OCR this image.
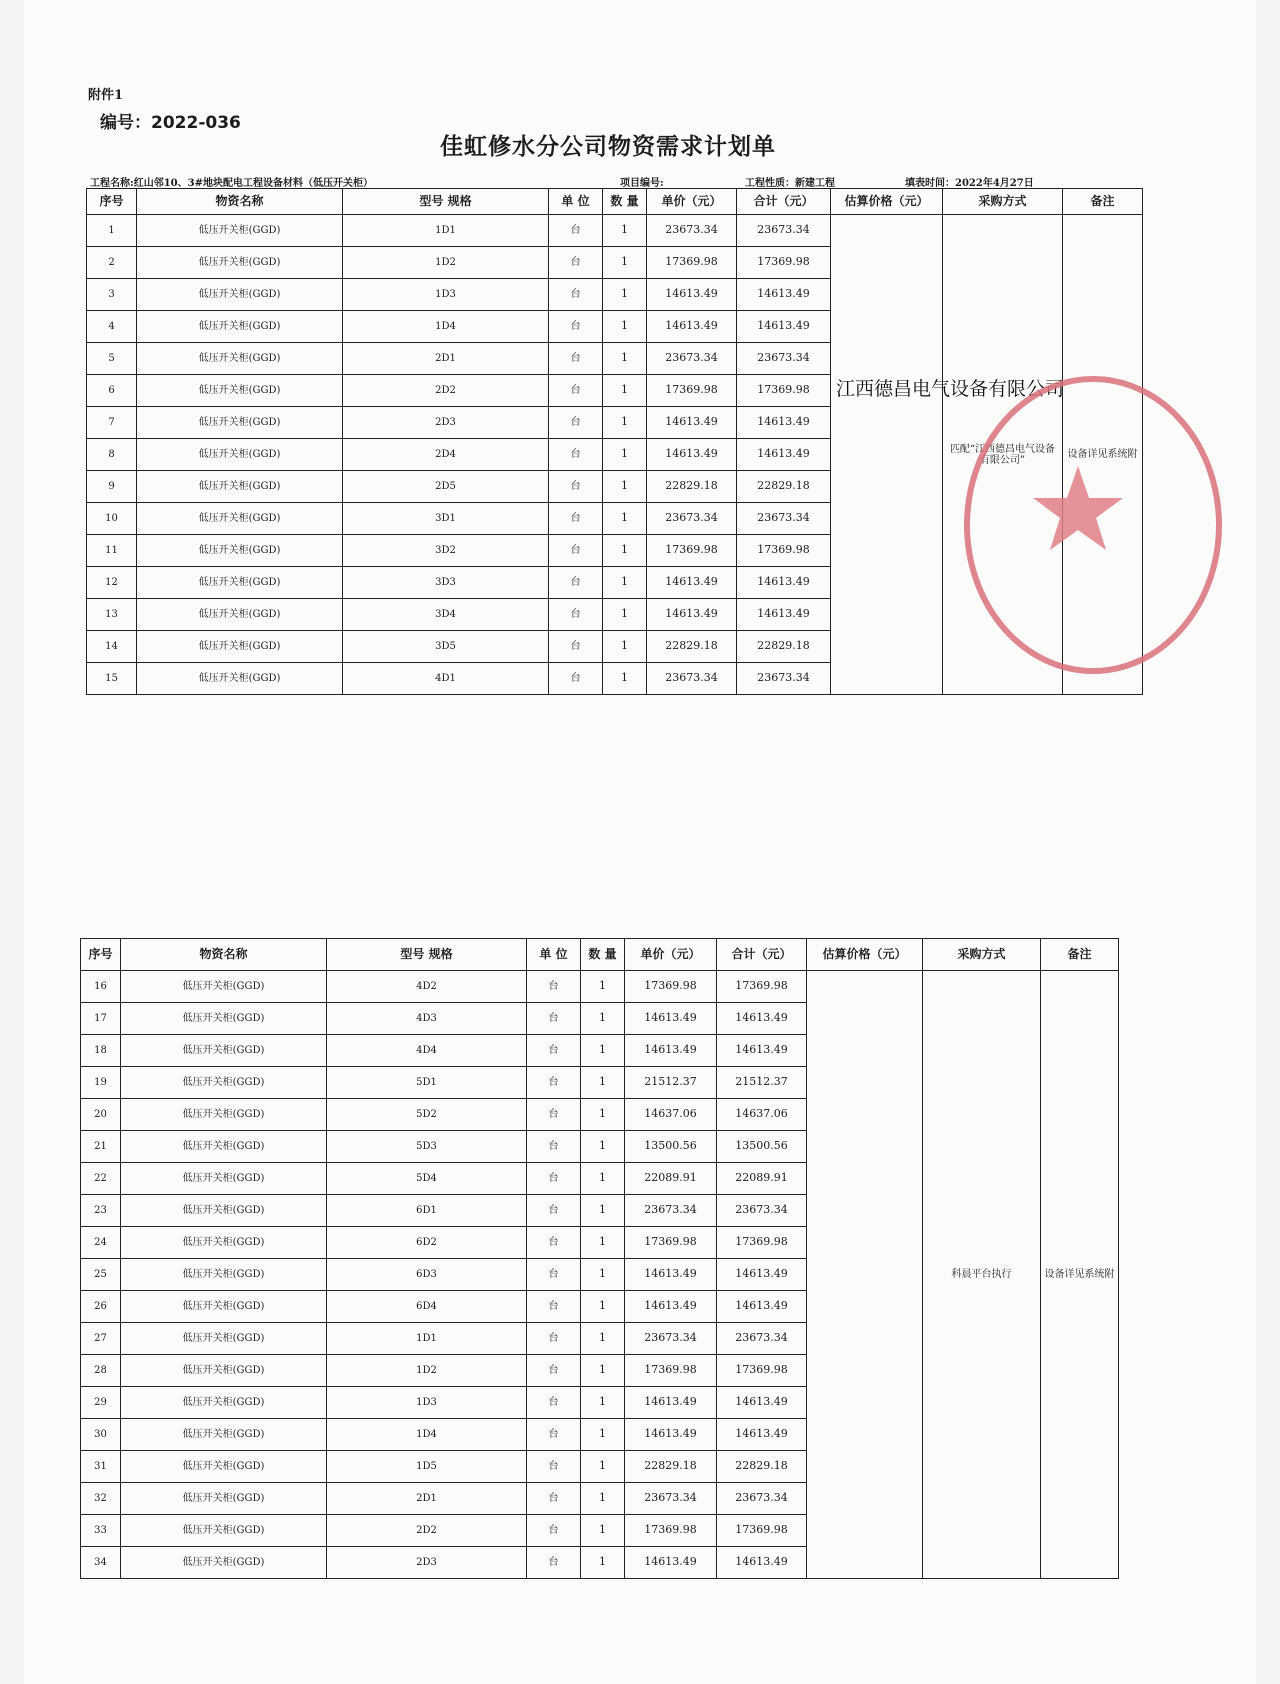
附件1
编号：2022-036
佳虹修水分公司物资需求计划单
工程名称:红山邻10、3#地块配电工程设备材料（低压开关柜）	项目编号:	工程性质：新建工程	填表时间：2022年4月27日
序号	物资名称	型号 规格	单 位	数 量	单价（元）	合计（元）	估算价格（元）	采购方式	备注
1	低压开关柜(GGD)	1D1	台	1	23673.34	23673.34		匹配“江西德昌电气设备有限公司”	设备详见系统附
2	低压开关柜(GGD)	1D2	台	1	17369.98	17369.98			
3	低压开关柜(GGD)	1D3	台	1	14613.49	14613.49			
4	低压开关柜(GGD)	1D4	台	1	14613.49	14613.49			
5	低压开关柜(GGD)	2D1	台	1	23673.34	23673.34			
6	低压开关柜(GGD)	2D2	台	1	17369.98	17369.98			
7	低压开关柜(GGD)	2D3	台	1	14613.49	14613.49			
8	低压开关柜(GGD)	2D4	台	1	14613.49	14613.49			
9	低压开关柜(GGD)	2D5	台	1	22829.18	22829.18			
10	低压开关柜(GGD)	3D1	台	1	23673.34	23673.34			
11	低压开关柜(GGD)	3D2	台	1	17369.98	17369.98			
12	低压开关柜(GGD)	3D3	台	1	14613.49	14613.49			
13	低压开关柜(GGD)	3D4	台	1	14613.49	14613.49			
14	低压开关柜(GGD)	3D5	台	1	22829.18	22829.18			
15	低压开关柜(GGD)	4D1	台	1	23673.34	23673.34			
江西德昌电气设备有限公司
序号	物资名称	型号 规格	单 位	数 量	单价（元）	合计（元）	估算价格（元）	采购方式	备注
16	低压开关柜(GGD)	4D2	台	1	17369.98	17369.98		科晨平台执行	设备详见系统附
17	低压开关柜(GGD)	4D3	台	1	14613.49	14613.49			
18	低压开关柜(GGD)	4D4	台	1	14613.49	14613.49			
19	低压开关柜(GGD)	5D1	台	1	21512.37	21512.37			
20	低压开关柜(GGD)	5D2	台	1	14637.06	14637.06			
21	低压开关柜(GGD)	5D3	台	1	13500.56	13500.56			
22	低压开关柜(GGD)	5D4	台	1	22089.91	22089.91			
23	低压开关柜(GGD)	6D1	台	1	23673.34	23673.34			
24	低压开关柜(GGD)	6D2	台	1	17369.98	17369.98			
25	低压开关柜(GGD)	6D3	台	1	14613.49	14613.49			
26	低压开关柜(GGD)	6D4	台	1	14613.49	14613.49			
27	低压开关柜(GGD)	1D1	台	1	23673.34	23673.34			
28	低压开关柜(GGD)	1D2	台	1	17369.98	17369.98			
29	低压开关柜(GGD)	1D3	台	1	14613.49	14613.49			
30	低压开关柜(GGD)	1D4	台	1	14613.49	14613.49			
31	低压开关柜(GGD)	1D5	台	1	22829.18	22829.18			
32	低压开关柜(GGD)	2D1	台	1	23673.34	23673.34			
33	低压开关柜(GGD)	2D2	台	1	17369.98	17369.98			
34	低压开关柜(GGD)	2D3	台	1	14613.49	14613.49			
